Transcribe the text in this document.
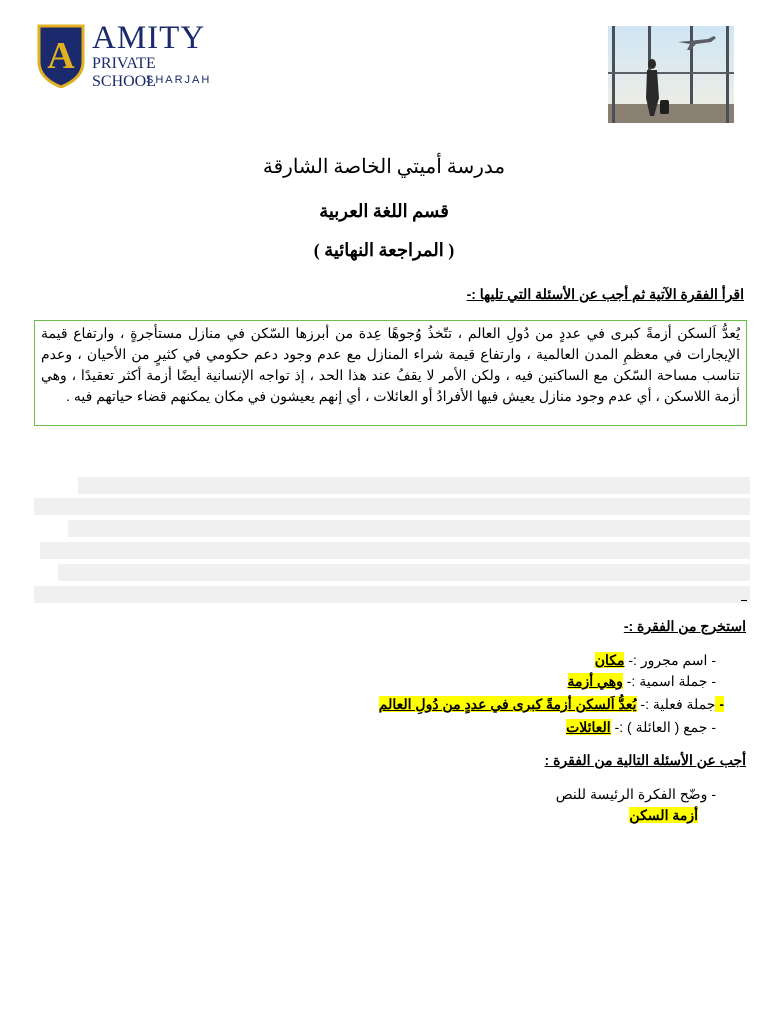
A AMITY
PRIVATE SCHOOL
SHARJAH
مدرسة أميتي الخاصة الشارقة
قسم اللغة العربية
( المراجعة النهائية )
اقرأ الفقرة الآتية ثم أجب عن الأسئلة التي تليها :-
يُعدُّ اَلسكن أزمةً كبرى في عددٍ من دُولِ العالم ، تتّخذُ وُجوهًا عِدة من أبرزها السّكن في منازل مستأجرةٍ ، وارتفاع قيمة الإيجارات في معظمِ المدن العالمية ، وارتفاع قيمة شراء المنازل مع عدم وجود دعم حكومي في كثيرٍ من الأحيان ، وعدم تناسب مساحة السّكن مع الساكنين فيه ، ولكن الأمر لا يقفُ عند هذا الحد ، إذ تواجه الإنسانية أيضًا أزمة أكثر تعقيدًا ، وهي أزمة اللاسكن ، أي عدم وجود منازل يعيش فيها الأفرادُ أو العائلات ، أي إنهم يعيشون في مكان يمكنهم قضاء حياتهم فيه .
استخرج من الفقرة :-
- اسم مجرور :- مكان
- جملة اسمية :- وهي أزمة
- جملة فعلية :- يُعدُّ اَلسكن أزمةً كبرى في عددٍ من دُولِ العالم
- جمع ( العائلة ) :- العائلات
أجب عن الأسئلة التالية من الفقرة :
- وضّح الفكرة الرئيسة للنص
أزمة السكن
